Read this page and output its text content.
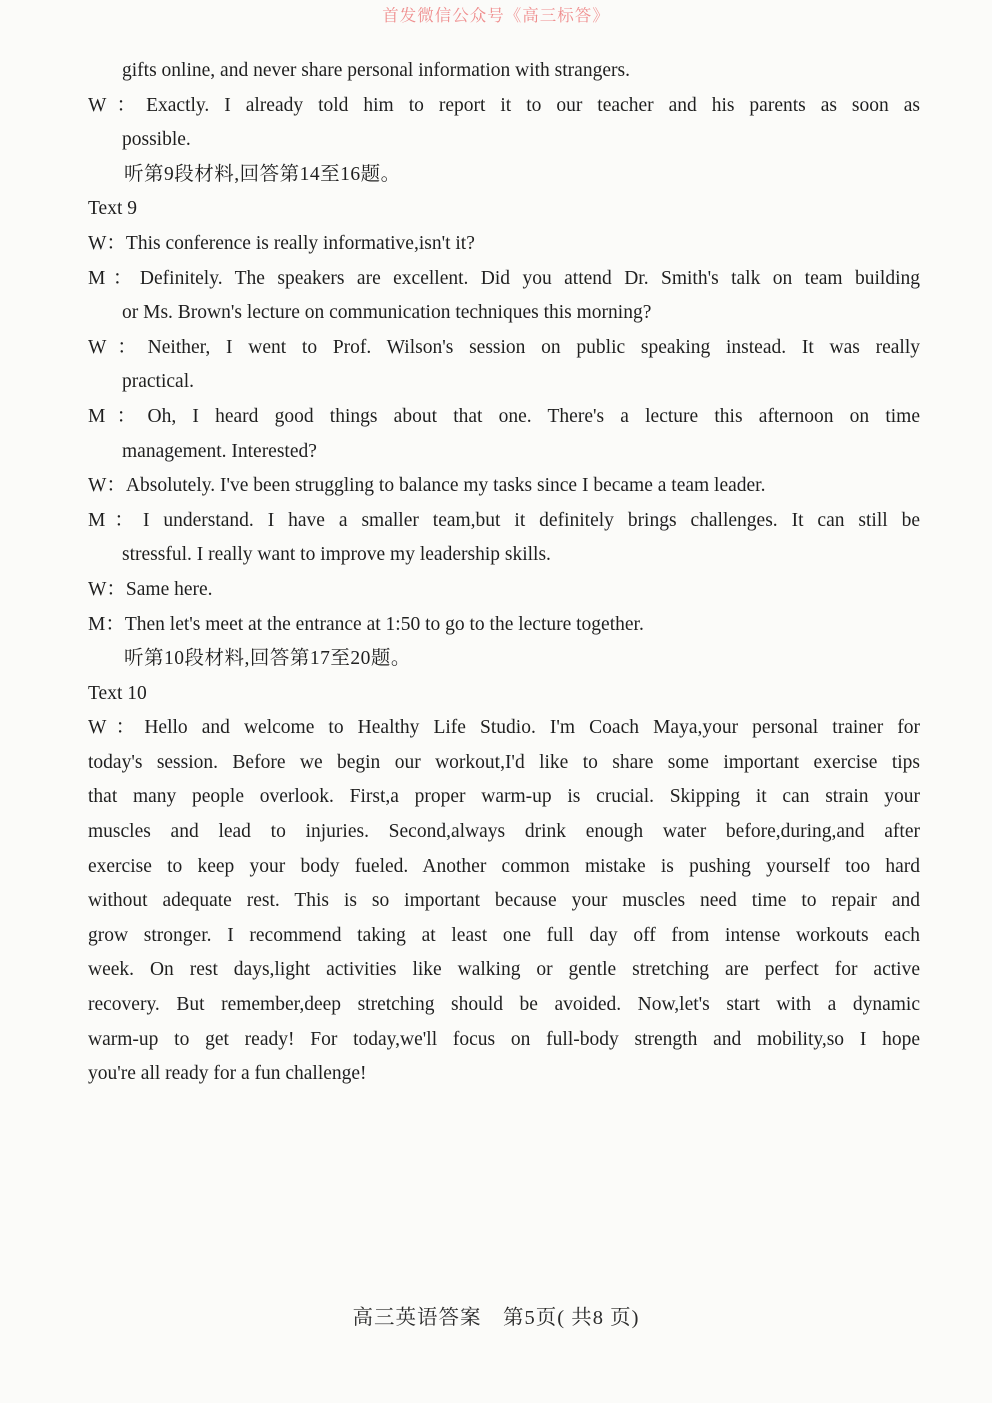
gifts online, and never share personal information with strangers.
W：Exactly. I already told him to report it to our teacher and his parents as soon as
possible.
听第9段材料,回答第14至16题。
Text 9
W：This conference is really informative,isn't it?
M：Definitely. The speakers are excellent. Did you attend Dr. Smith's talk on team building
or Ms. Brown's lecture on communication techniques this morning?
W：Neither, I went to Prof. Wilson's session on public speaking instead. It was really
practical.
M：Oh, I heard good things about that one. There's a lecture this afternoon on time
management. Interested?
W：Absolutely. I've been struggling to balance my tasks since I became a team leader.
M：I understand. I have a smaller team,but it definitely brings challenges. It can still be
stressful. I really want to improve my leadership skills.
W：Same here.
M：Then let's meet at the entrance at 1:50 to go to the lecture together.
听第10段材料,回答第17至20题。
Text 10
W：Hello and welcome to Healthy Life Studio. I'm Coach Maya,your personal trainer for
today's session. Before we begin our workout,I'd like to share some important exercise tips
that many people overlook. First,a proper warm-up is crucial. Skipping it can strain your
muscles and lead to injuries. Second,always drink enough water before,during,and after
exercise to keep your body fueled. Another common mistake is pushing yourself too hard
without adequate rest. This is so important because your muscles need time to repair and
grow stronger. I recommend taking at least one full day off from intense workouts each
week. On rest days,light activities like walking or gentle stretching are perfect for active
recovery. But remember,deep stretching should be avoided. Now,let's start with a dynamic
warm-up to get ready! For today,we'll focus on full-body strength and mobility,so I hope
you're all ready for a fun challenge!
首发微信公众号《高三标答》
高三英语答案　第5页( 共8 页)
